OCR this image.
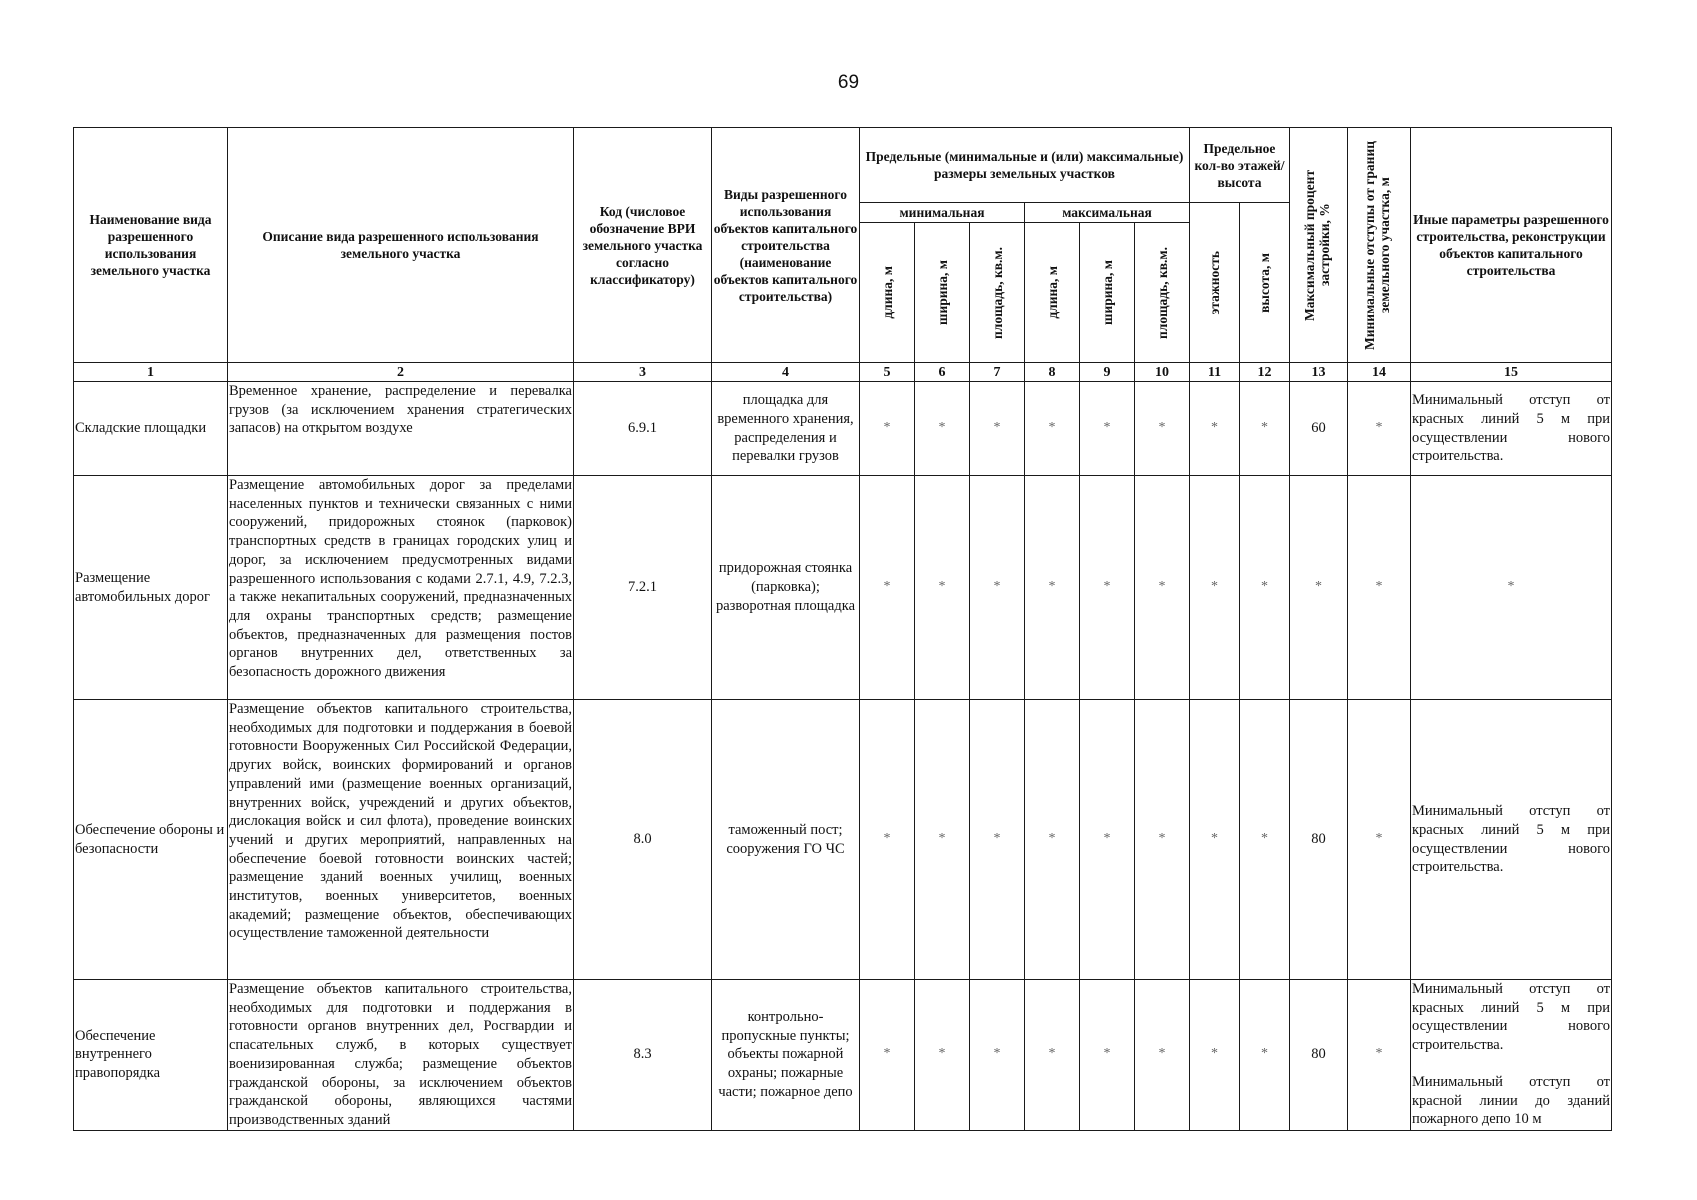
69
Наименование вида разрешенного использования земельного участка	Описание вида разрешенного использования земельного участка	Код (числовое обозначение ВРИ земельного участка согласно классификатору)	Виды разрешенного использования объектов капитального строительства (наименование объектов капитального строительства)	Предельные (минимальные и (или) максимальные) размеры земельных участков						Предельное кол-во этажей/ высота		Максимальный процент застройки, %	Минимальные отступы от границ земельного участка, м	Иные параметры разрешенного строительства, реконструкции объектов капитального строительства
				минимальная			максимальная			этажность	высота, м			

				длина, м	ширина, м	площадь, кв.м.	длина, м	ширина, м	площадь, кв.м.					

1	2	3	4	5	6	7	8	9	10	11	12	13	14	15
Складские площадки	Временное хранение, распределение и перевалка грузов (за исключением хранения стратегических запасов) на открытом воздухе	6.9.1	площадка для временного хранения, распределения и перевалки грузов	*	*	*	*	*	*	*	*	60	*	Минимальный отступ от красных линий 5 м при осуществлении нового строительства.
Размещение автомобильных дорог	Размещение автомобильных дорог за пределами населенных пунктов и технически связанных с ними сооружений, придорожных стоянок (парковок) транспортных средств в границах городских улиц и дорог, за исключением предусмотренных видами разрешенного использования с кодами 2.7.1, 4.9, 7.2.3, а также некапитальных сооружений, предназначенных для охраны транспортных средств; размещение объектов, предназначенных для размещения постов органов внутренних дел, ответственных за безопасность дорожного движения	7.2.1	придорожная стоянка (парковка); разворотная площадка	*	*	*	*	*	*	*	*	*	*	*
Обеспечение обороны и безопасности	Размещение объектов капитального строительства, необходимых для подготовки и поддержания в боевой готовности Вооруженных Сил Российской Федерации, других войск, воинских формирований и органов управлений ими (размещение военных организаций, внутренних войск, учреждений и других объектов, дислокация войск и сил флота), проведение воинских учений и других мероприятий, направленных на обеспечение боевой готовности воинских частей; размещение зданий военных училищ, военных институтов, военных университетов, военных академий; размещение объектов, обеспечивающих осуществление таможенной деятельности	8.0	таможенный пост; сооружения ГО ЧС	*	*	*	*	*	*	*	*	80	*	Минимальный отступ от красных линий 5 м при осуществлении нового строительства.
Обеспечение внутреннего правопорядка	Размещение объектов капитального строительства, необходимых для подготовки и поддержания в готовности органов внутренних дел, Росгвардии и спасательных служб, в которых существует военизированная служба; размещение объектов гражданской обороны, за исключением объектов гражданской обороны, являющихся частями производственных зданий	8.3	контрольно-пропускные пункты; объекты пожарной охраны; пожарные части; пожарное депо	*	*	*	*	*	*	*	*	80	*	Минимальный отступ от красных линий 5 м при осуществлении нового строительства.
Минимальный отступ от красной линии до зданий пожарного депо 10 м
